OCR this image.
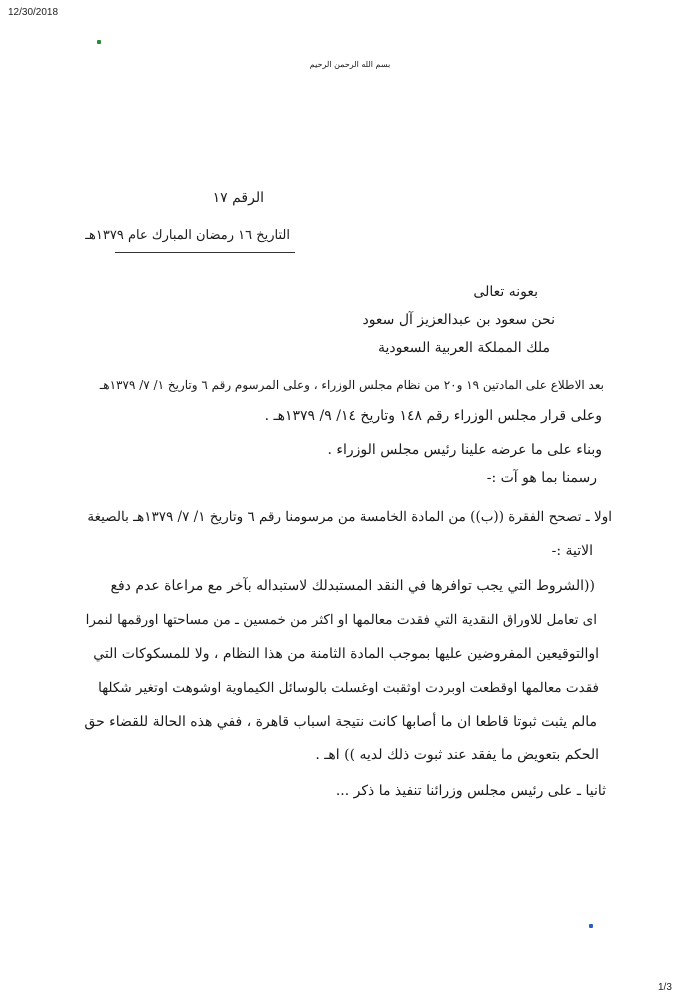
12/30/2018
بسم الله الرحمن الرحيم
الرقم ١٧
التاريخ ١٦ رمضان المبارك عام ١٣٧٩هـ
بعونه تعالى
نحن سعود بن عبدالعزيز آل سعود
ملك المملكة العربية السعودية
بعد الاطلاع على المادتين ١٩ و٢٠ من نظام مجلس الوزراء ، وعلى المرسوم رقم ٦ وتاريخ ١/ ٧/ ١٣٧٩هـ
وعلى قرار مجلس الوزراء رقم ١٤٨ وتاريخ ١٤/ ٩/ ١٣٧٩هـ .
وبناء على ما عرضه علينا رئيس مجلس الوزراء .
رسمنا بما هو آت :-
اولا ـ تصحح الفقرة ((ب)) من المادة الخامسة من مرسومنا رقم ٦ وتاريخ ١/ ٧/ ١٣٧٩هـ بالصيغة
الاتية :-
((الشروط التي يجب توافرها في النقد المستبدلك لاستبداله بآخر مع مراعاة عدم دفع
اى تعامل للاوراق النقدية التي فقدت معالمها او اكثر من خمسين ـ من مساحتها اورقمها لنمرا
اوالتوقيعين المفروضين عليها بموجب المادة الثامنة من هذا النظام ، ولا للمسكوكات التي
فقدت معالمها اوقطعت اوبردت اوثقبت اوغسلت بالوسائل الكيماوية اوشوهت اوتغير شكلها
مالم يثبت ثبوتا قاطعا ان ما أصابها كانت نتيجة اسباب قاهرة ، ففي هذه الحالة للقضاء حق
الحكم بتعويض ما يفقد عند ثبوت ذلك لديه )) اهـ .
ثانيا ـ على رئيس مجلس وزرائنا تنفيذ ما ذكر ...
1/3
